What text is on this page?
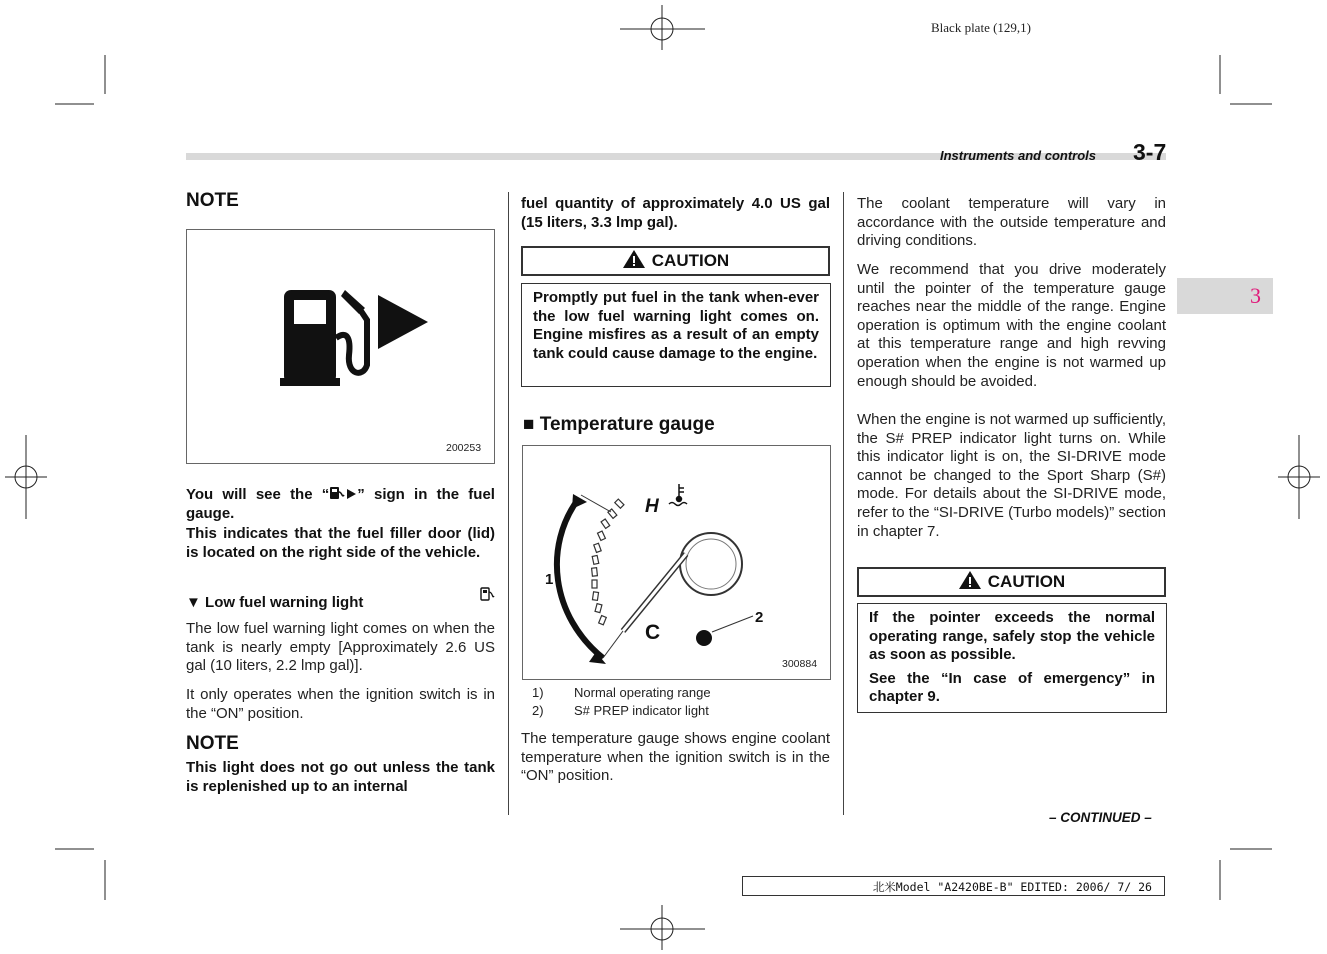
Black plate (129,1)
Instruments and controls 3-7
3
NOTE
200253
You will see the “ ” sign in the fuel gauge.
This indicates that the fuel filler door (lid) is located on the right side of the vehicle.
▼ Low fuel warning light
The low fuel warning light comes on when the tank is nearly empty [Approximately 2.6 US gal (10 liters, 2.2 lmp gal)].
It only operates when the ignition switch is in the “ON” position.
NOTE
This light does not go out unless the tank is replenished up to an internal
fuel quantity of approximately 4.0 US gal (15 liters, 3.3 lmp gal).
CAUTION
Promptly put fuel in the tank when-ever the low fuel warning light comes on. Engine misfires as a result of an empty tank could cause damage to the engine.
■ Temperature gauge
H
C
1
2
300884
1) Normal operating range
2) S# PREP indicator light
The temperature gauge shows engine coolant temperature when the ignition switch is in the “ON” position.
The coolant temperature will vary in accordance with the outside temperature and driving conditions.
We recommend that you drive moderately until the pointer of the temperature gauge reaches near the middle of the range. Engine operation is optimum with the engine coolant at this temperature range and high revving operation when the engine is not warmed up enough should be avoided.
When the engine is not warmed up sufficiently, the S# PREP indicator light turns on. While this indicator light is on, the SI-DRIVE mode cannot be changed to the Sport Sharp (S#) mode. For details about the SI-DRIVE mode, refer to the “SI-DRIVE (Turbo models)” section in chapter 7.
CAUTION
If the pointer exceeds the normal operating range, safely stop the vehicle as soon as possible.
See the “In case of emergency” in chapter 9.
– CONTINUED –
北米Model "A2420BE-B" EDITED: 2006/ 7/ 26
